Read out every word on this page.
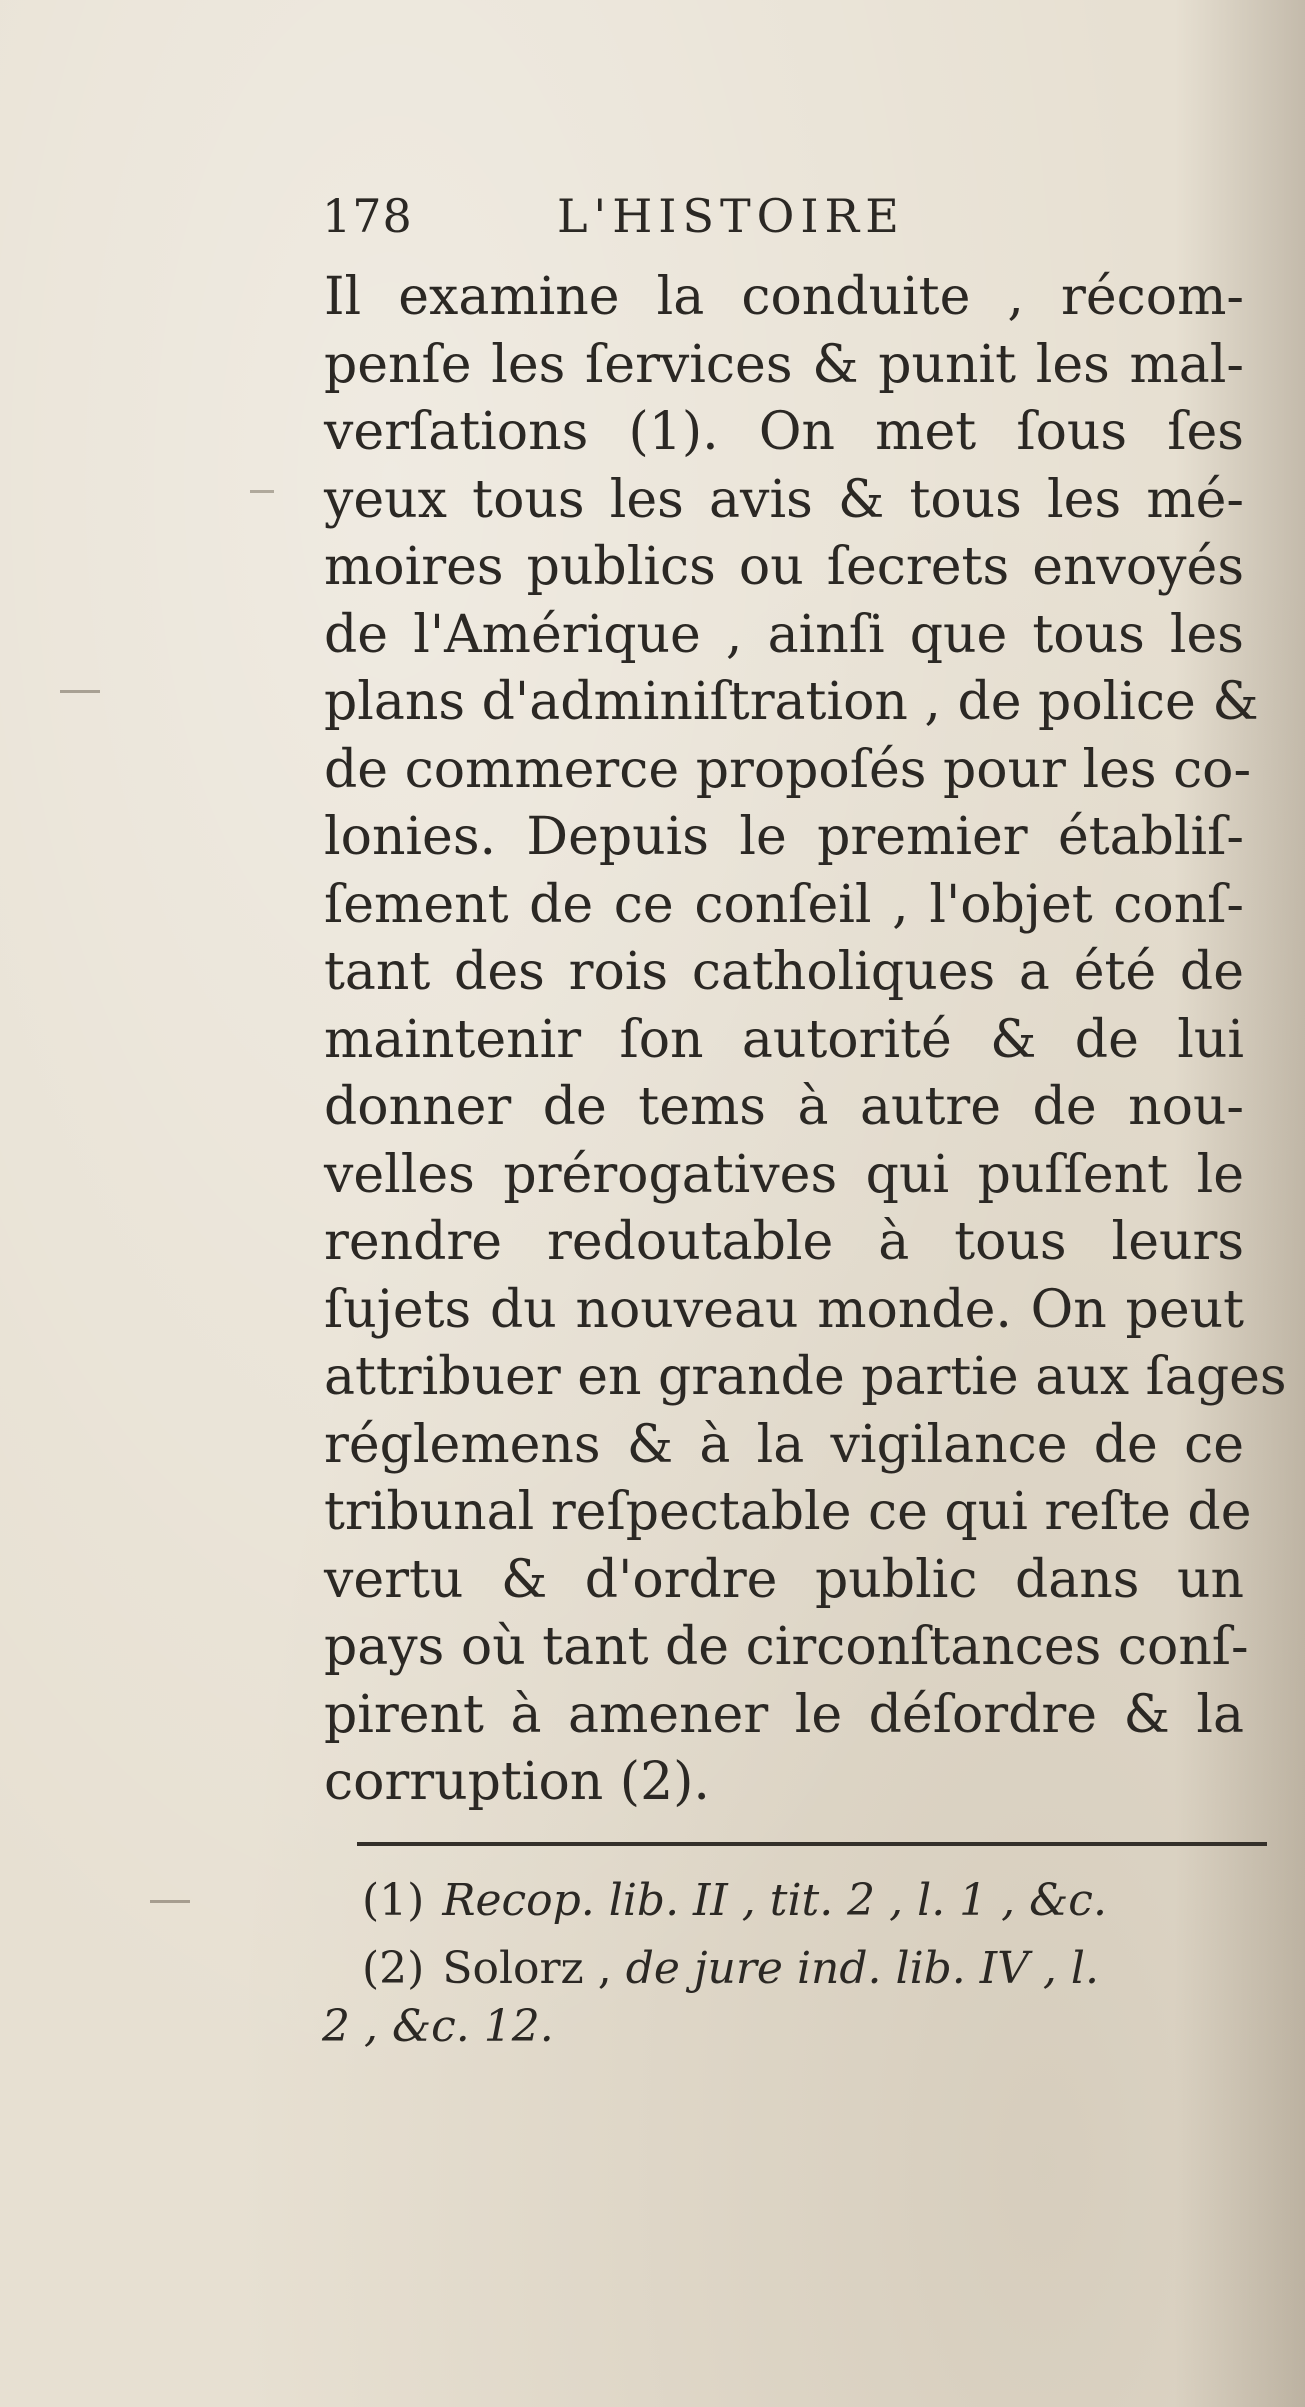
178	L'HISTOIRE
Il examine la conduite , récom-
penſe les ſervices & punit les mal-
verſations (1). On met ſous ſes
yeux tous les avis & tous les mé-
moires publics ou ſecrets envoyés
de l'Amérique , ainſi que tous les
plans d'adminiſtration , de police &
de commerce propoſés pour les co-
lonies. Depuis le premier établiſ-
ſement de ce conſeil , l'objet conſ-
tant des rois catholiques a été de
maintenir ſon autorité & de lui
donner de tems à autre de nou-
velles prérogatives qui puſſent le
rendre redoutable à tous leurs
ſujets du nouveau monde. On peut
attribuer en grande partie aux ſages
réglemens & à la vigilance de ce
tribunal reſpectable ce qui reſte de
vertu & d'ordre public dans un
pays où tant de circonſtances conſ-
pirent à amener le déſordre & la
corruption (2).
(1) Recop. lib. II , tit. 2 , l. 1 , &c.
(2) Solorz , de jure ind. lib. IV , l.
2 , &c. 12.
